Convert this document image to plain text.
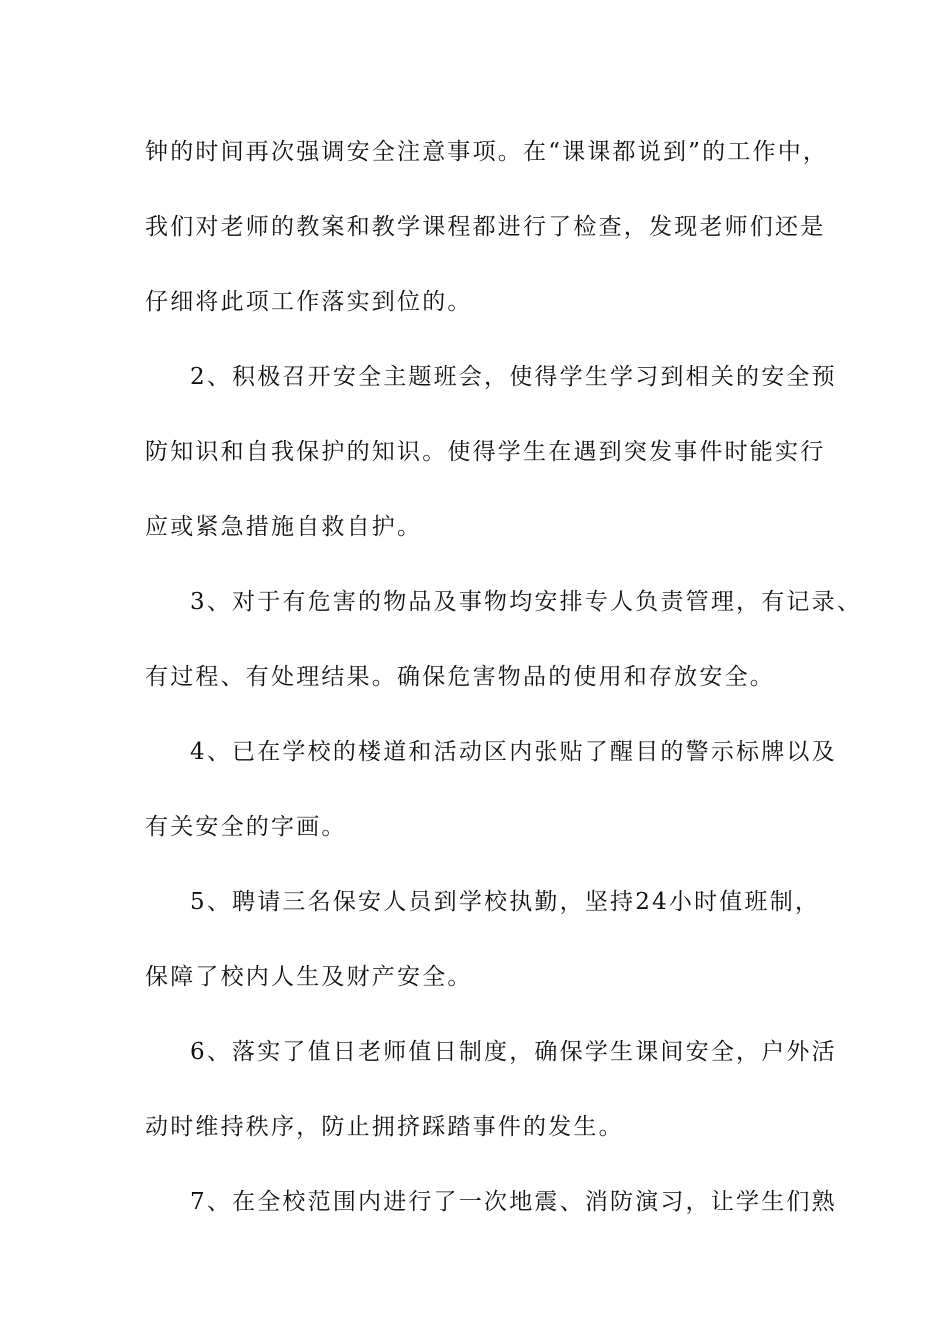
钟的时间再次强调安全注意事项。在“课课都说到”的工作中，
我们对老师的教案和教学课程都进行了检查，发现老师们还是
仔细将此项工作落实到位的。
2、积极召开安全主题班会，使得学生学习到相关的安全预
防知识和自我保护的知识。使得学生在遇到突发事件时能实行
应或紧急措施自救自护。
3、对于有危害的物品及事物均安排专人负责管理，有记录、
有过程、有处理结果。确保危害物品的使用和存放安全。
4、已在学校的楼道和活动区内张贴了醒目的警示标牌以及
有关安全的字画。
5、聘请三名保安人员到学校执勤，坚持24小时值班制，
保障了校内人生及财产安全。
6、落实了值日老师值日制度，确保学生课间安全，户外活
动时维持秩序，防止拥挤踩踏事件的发生。
7、在全校范围内进行了一次地震、消防演习，让学生们熟
